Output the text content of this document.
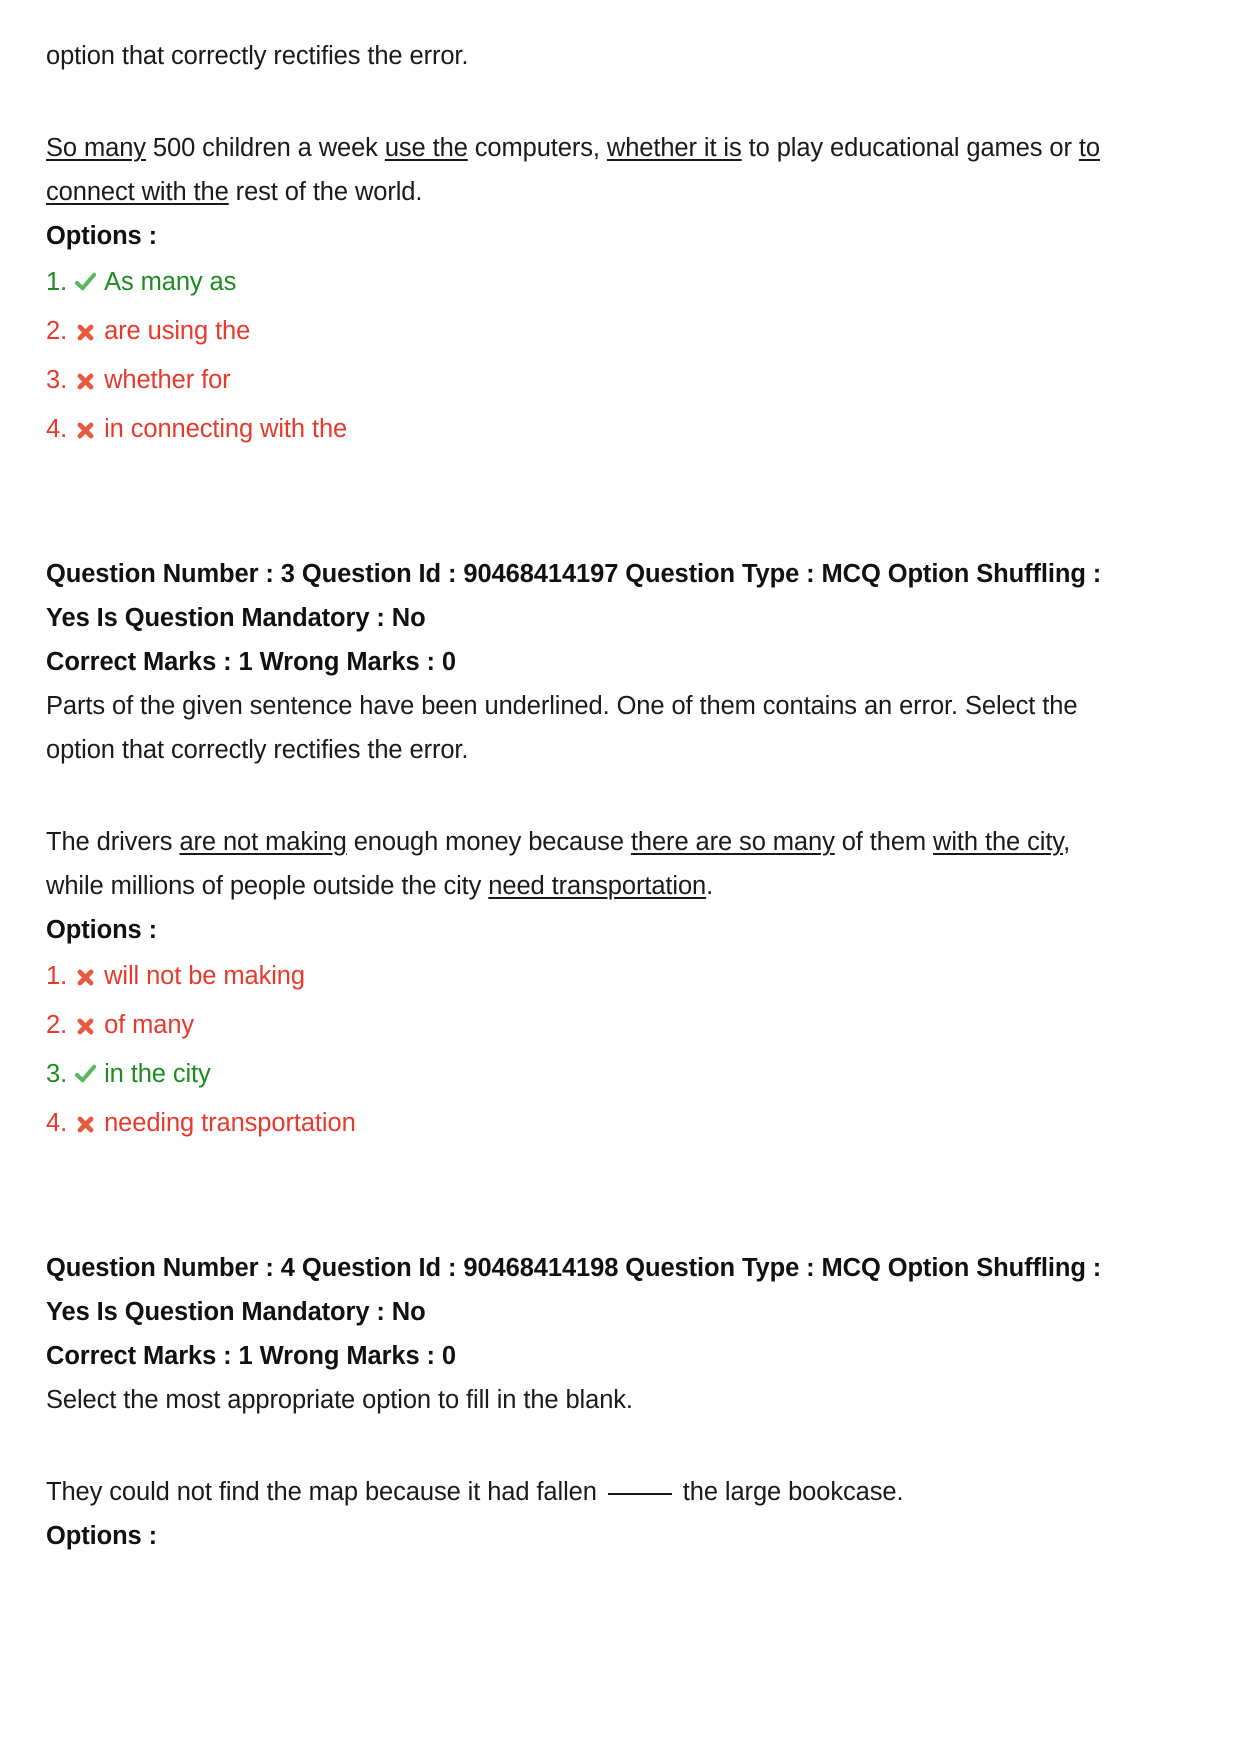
option that correctly rectifies the error.

So many 500 children a week use the computers, whether it is to play educational games or to connect with the rest of the world.

Options :

1. As many as
2. are using the
3. whether for
4. in connecting with the

Question Number : 3 Question Id : 90468414197 Question Type : MCQ Option Shuffling : Yes Is Question Mandatory : No

Correct Marks : 1 Wrong Marks : 0

Parts of the given sentence have been underlined. One of them contains an error. Select the option that correctly rectifies the error.

The drivers are not making enough money because there are so many of them with the city, while millions of people outside the city need transportation.

Options :

1. will not be making
2. of many
3. in the city
4. needing transportation

Question Number : 4 Question Id : 90468414198 Question Type : MCQ Option Shuffling : Yes Is Question Mandatory : No

Correct Marks : 1 Wrong Marks : 0

Select the most appropriate option to fill in the blank.

They could not find the map because it had fallen	the large bookcase.

Options :
